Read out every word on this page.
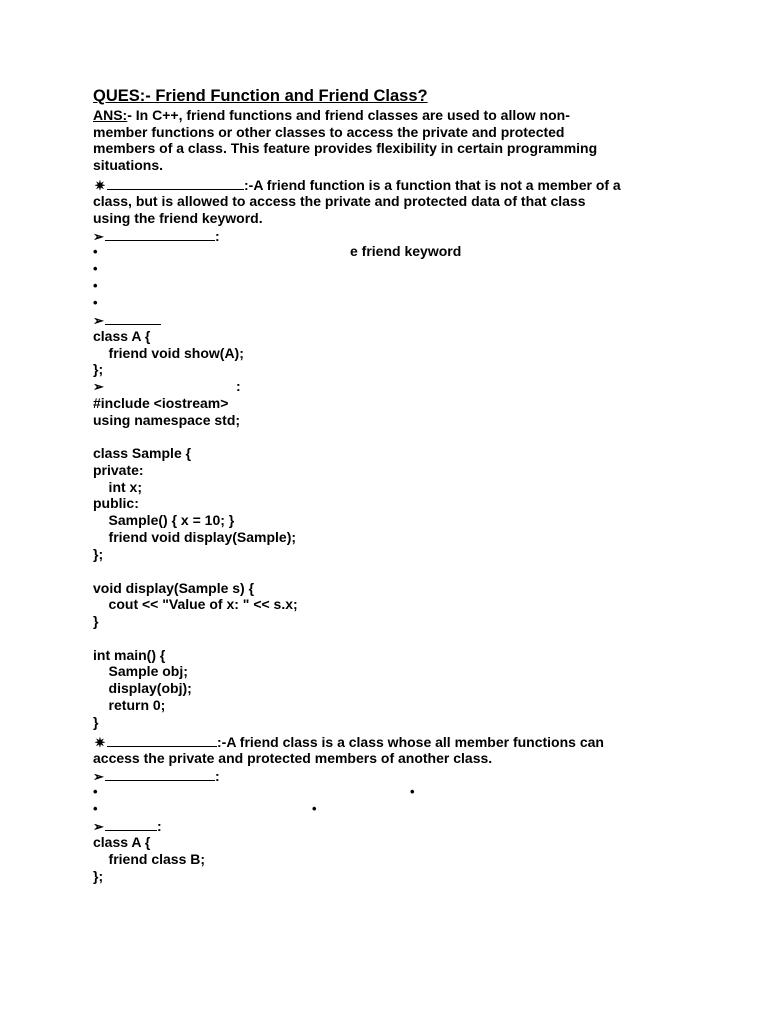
QUES:- Friend Function and Friend Class?
ANS:- In C++, friend functions and friend classes are used to allow non-
member functions or other classes to access the private and protected
members of a class. This feature provides flexibility in certain programming
situations.
✷	:-A friend function is a function that is not a member of a
class, but is allowed to access the private and protected data of that class
using the friend keyword.
➢	:
•	e friend keyword
•
•
•
➢
class A {
friend void show(A);
};
➢	:
#include <iostream>
using namespace std;
class Sample {
private:
int x;
public:
Sample() { x = 10; }
friend void display(Sample);
};
void display(Sample s) {
cout << "Value of x: " << s.x;
}
int main() {
Sample obj;
display(obj);
return 0;
}
✷	:-A friend class is a class whose all member functions can
access the private and protected members of another class.
➢	:
•	•
•	•
➢	:
class A {
friend class B;
};
